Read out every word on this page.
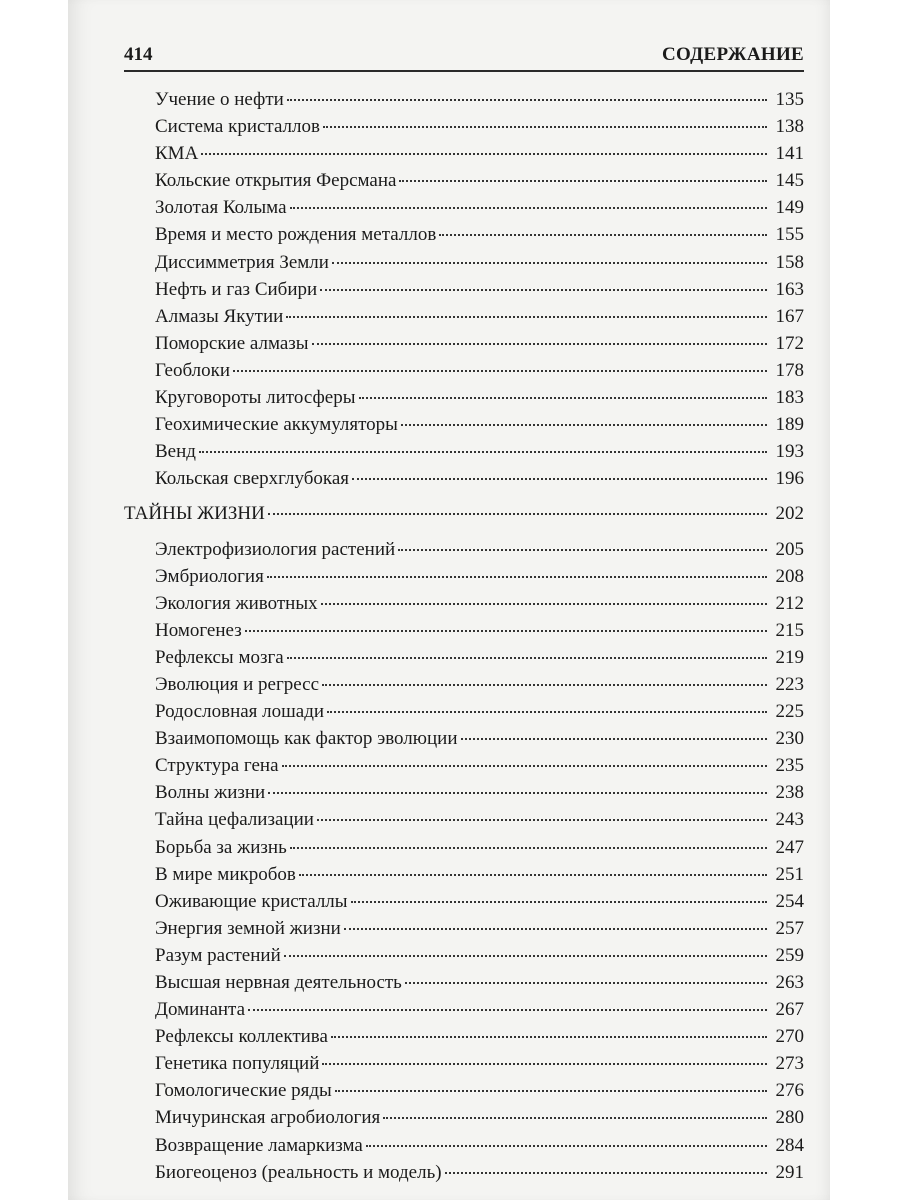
414	СОДЕРЖАНИЕ
Учение о нефти	135
Система кристаллов	138
КМА	141
Кольские открытия Ферсмана	145
Золотая Колыма	149
Время и место рождения металлов	155
Диссимметрия Земли	158
Нефть и газ Сибири	163
Алмазы Якутии	167
Поморские алмазы	172
Геоблоки	178
Круговороты литосферы	183
Геохимические аккумуляторы	189
Венд	193
Кольская сверхглубокая	196
ТАЙНЫ ЖИЗНИ	202
Электрофизиология растений	205
Эмбриология	208
Экология животных	212
Номогенез	215
Рефлексы мозга	219
Эволюция и регресс	223
Родословная лошади	225
Взаимопомощь как фактор эволюции	230
Структура гена	235
Волны жизни	238
Тайна цефализации	243
Борьба за жизнь	247
В мире микробов	251
Оживающие кристаллы	254
Энергия земной жизни	257
Разум растений	259
Высшая нервная деятельность	263
Доминанта	267
Рефлексы коллектива	270
Генетика популяций	273
Гомологические ряды	276
Мичуринская агробиология	280
Возвращение ламаркизма	284
Биогеоценоз (реальность и модель)	291
